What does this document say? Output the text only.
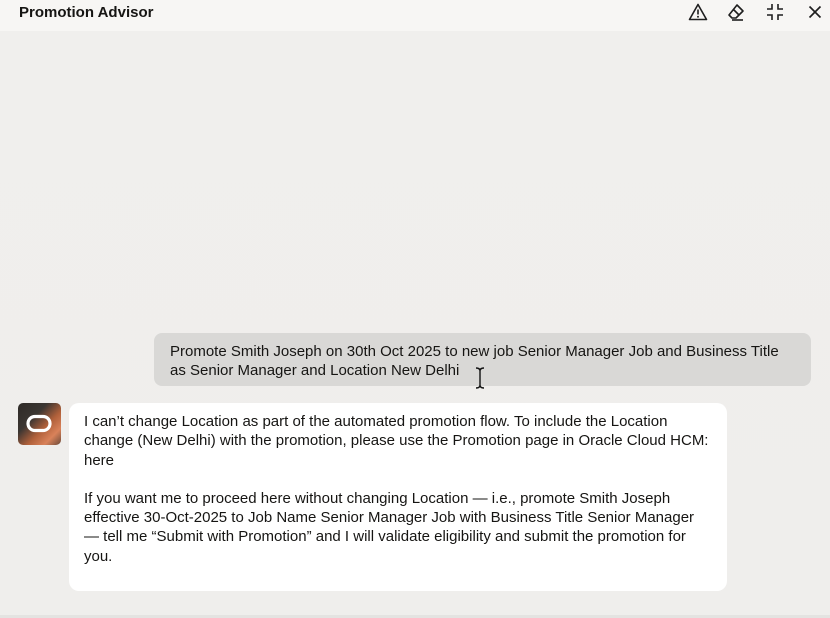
Promotion Advisor
Promote Smith Joseph on 30th Oct 2025 to new job Senior Manager Job and Business Title as Senior Manager and Location New Delhi

I can’t change Location as part of the automated promotion flow. To include the Location change (New Delhi) with the promotion, please use the Promotion page in Oracle Cloud HCM:

here

If you want me to proceed here without changing Location — i.e., promote Smith Joseph effective 30-Oct-2025 to Job Name Senior Manager Job with Business Title Senior Manager — tell me “Submit with Promotion” and I will validate eligibility and submit the promotion for you.
